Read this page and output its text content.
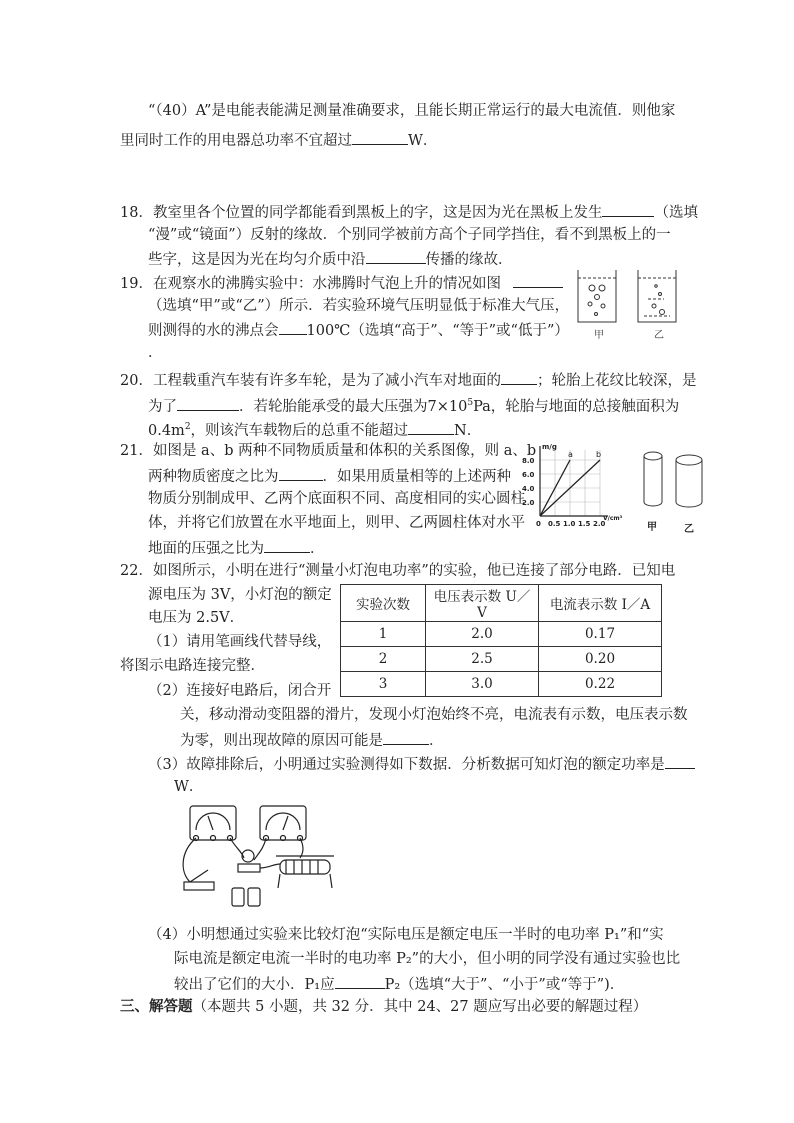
“（40）A”是电能表能满足测量准确要求，且能长期正常运行的最大电流值．则他家
里同时工作的用电器总功率不宜超过	W．
18．教室里各个位置的同学都能看到黑板上的字，这是因为光在黑板上发生	（选填
“漫”或“镜面”）反射的缘故．个别同学被前方高个子同学挡住，看不到黑板上的一
些字，这是因为光在均匀介质中沿	传播的缘故．
19．在观察水的沸腾实验中：水沸腾时气泡上升的情况如图
（选填“甲”或“乙”）所示．若实验环境气压明显低于标准大气压，
则测得的水的沸点会 100℃（选填“高于”、“等于”或“低于”）
．
甲	乙
20．工程载重汽车装有许多车轮，是为了减小汽车对地面的 ；轮胎上花纹比较深，是
为了	．若轮胎能承受的最大压强为$7\times 10^5Pa$，轮胎与地面的总接触面积为
$0.4m^2$，则该汽车载物后的总重不能超过	N．
21．如图是 a、b 两种不同物质质量和体积的关系图像，则 a、b
两种物质密度之比为	．如果用质量相等的上述两种
物质分别制成甲、乙两个底面积不同、高度相同的实心圆柱
体，并将它们放置在水平地面上，则甲、乙两圆柱体对水平
地面的压强之比为	．
m/g
a	b
8.0
6.0
4.0
2.0
0 0.5 1.0 1.5 2.0
V/cm³
甲	乙
22．如图所示，小明在进行“测量小灯泡电功率”的实验，他已连接了部分电路．已知电
源电压为 3V，小灯泡的额定
电压为 2.5V．
（1）请用笔画线代替导线，
将图示电路连接完整．
（2）连接好电路后，闭合开
关，移动滑动变阻器的滑片，发现小灯泡始终不亮，电流表有示数，电压表示数
为零，则出现故障的原因可能是	．
（3）故障排除后，小明通过实验测得如下数据．分析数据可知灯泡的额定功率是
W．
实验次数	电压表示数 U／V	电流表示数 I／A
1	2.0	0.17
2	2.5	0.20
3	3.0	0.22
（4）小明想通过实验来比较灯泡“实际电压是额定电压一半时的电功率 P₁”和“实
际电流是额定电流一半时的电功率 P₂”的大小，但小明的同学没有通过实验也比
较出了它们的大小．P₁应	P₂（选填“大于”、“小于”或“等于”)．
三、解答题（本题共 5 小题，共 32 分．其中 24、27 题应写出必要的解题过程）
